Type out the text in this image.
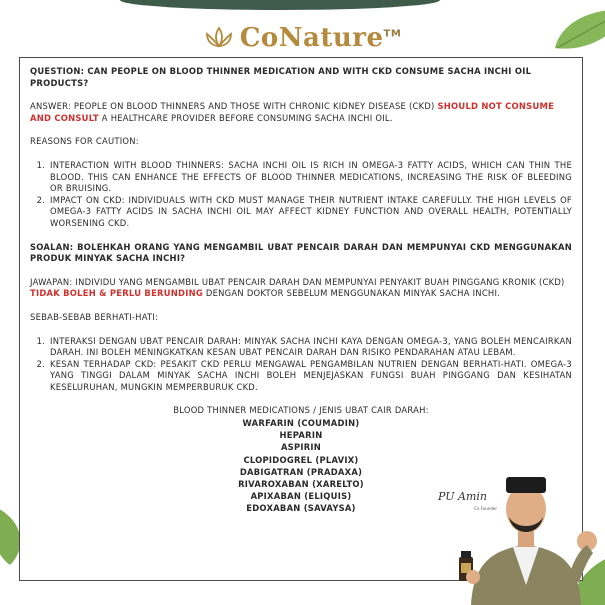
CoNature™

QUESTION: CAN PEOPLE ON BLOOD THINNER MEDICATION AND WITH CKD CONSUME SACHA INCHI OIL PRODUCTS?

ANSWER: PEOPLE ON BLOOD THINNERS AND THOSE WITH CHRONIC KIDNEY DISEASE (CKD) SHOULD NOT CONSUME AND CONSULT A HEALTHCARE PROVIDER BEFORE CONSUMING SACHA INCHI OIL.

REASONS FOR CAUTION:

1. INTERACTION WITH BLOOD THINNERS: SACHA INCHI OIL IS RICH IN OMEGA-3 FATTY ACIDS, WHICH CAN THIN THE BLOOD. THIS CAN ENHANCE THE EFFECTS OF BLOOD THINNER MEDICATIONS, INCREASING THE RISK OF BLEEDING OR BRUISING.
2. IMPACT ON CKD: INDIVIDUALS WITH CKD MUST MANAGE THEIR NUTRIENT INTAKE CAREFULLY. THE HIGH LEVELS OF OMEGA-3 FATTY ACIDS IN SACHA INCHI OIL MAY AFFECT KIDNEY FUNCTION AND OVERALL HEALTH, POTENTIALLY WORSENING CKD.

SOALAN: BOLEHKAH ORANG YANG MENGAMBIL UBAT PENCAIR DARAH DAN MEMPUNYAI CKD MENGGUNAKAN PRODUK MINYAK SACHA INCHI?

JAWAPAN: INDIVIDU YANG MENGAMBIL UBAT PENCAIR DARAH DAN MEMPUNYAI PENYAKIT BUAH PINGGANG KRONIK (CKD) TIDAK BOLEH & PERLU BERUNDING DENGAN DOKTOR SEBELUM MENGGUNAKAN MINYAK SACHA INCHI.

SEBAB-SEBAB BERHATI-HATI:

1. INTERAKSI DENGAN UBAT PENCAIR DARAH: MINYAK SACHA INCHI KAYA DENGAN OMEGA-3, YANG BOLEH MENCAIRKAN DARAH. INI BOLEH MENINGKATKAN KESAN UBAT PENCAIR DARAH DAN RISIKO PENDARAHAN ATAU LEBAM.
2. KESAN TERHADAP CKD: PESAKIT CKD PERLU MENGAWAL PENGAMBILAN NUTRIEN DENGAN BERHATI-HATI. OMEGA-3 YANG TINGGI DALAM MINYAK SACHA INCHI BOLEH MENJEJASKAN FUNGSI BUAH PINGGANG DAN KESIHATAN KESELURUHAN, MUNGKIN MEMPERBURUK CKD.

BLOOD THINNER MEDICATIONS / JENIS UBAT CAIR DARAH:

WARFARIN (COUMADIN)
HEPARIN
ASPIRIN
CLOPIDOGREL (PLAVIX)
DABIGATRAN (PRADAXA)
RIVAROXABAN (XARELTO)
APIXABAN (ELIQUIS)
EDOXABAN (SAVAYSA)
PU Amin
Co Founder
